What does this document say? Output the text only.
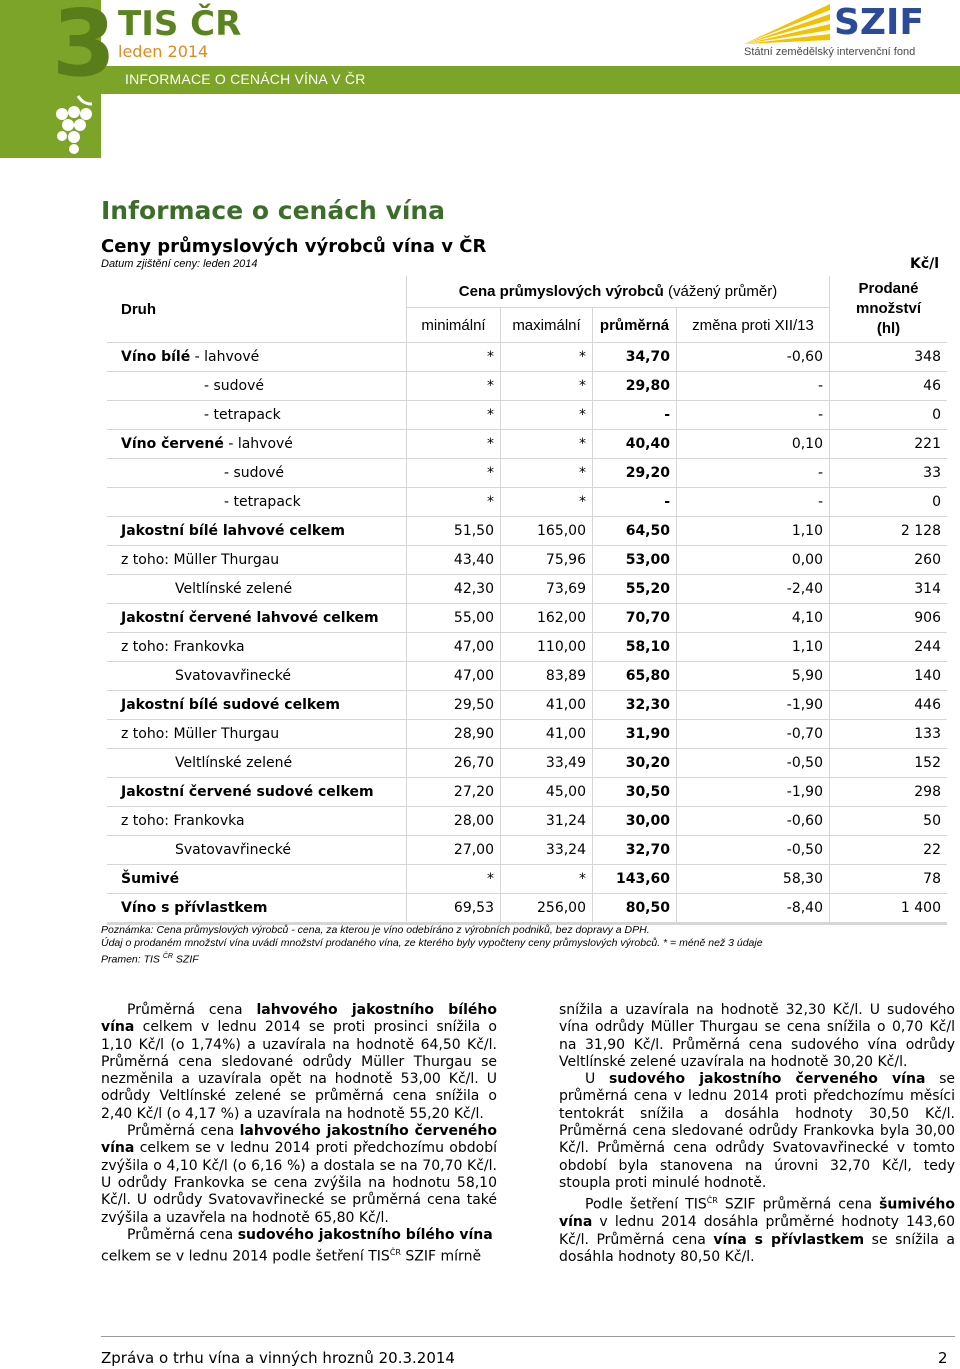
3 TIS ČR
leden 2014
INFORMACE O CENÁCH VÍNA V ČR
SZIF
Státní zemědělský intervenční fond
Informace o cenách vína
Ceny průmyslových výrobců vína v ČR
Datum zjištění ceny: leden 2014	Kč/l
Druh
Cena průmyslových výrobců
(vážený průměr)
minimální	maximální	průměrná	změna proti XII/13
Prodané
množství
(hl)
Víno bílé - lahvové	*	*	34,70	-0,60	348
- sudové	*	*	29,80	-	46
- tetrapack	*	*	-	-	0
Víno červené - lahvové	*	*	40,40	0,10	221
- sudové	*	*	29,20	-	33
- tetrapack	*	*	-	-	0
Jakostní bílé lahvové celkem	51,50	165,00	64,50	1,10	2 128
z toho: Müller Thurgau	43,40	75,96	53,00	0,00	260
Veltlínské zelené	42,30	73,69	55,20	-2,40	314
Jakostní červené lahvové celkem	55,00	162,00	70,70	4,10	906
z toho: Frankovka	47,00	110,00	58,10	1,10	244
Svatovavřinecké	47,00	83,89	65,80	5,90	140
Jakostní bílé sudové celkem	29,50	41,00	32,30	-1,90	446
z toho: Müller Thurgau	28,90	41,00	31,90	-0,70	133
Veltlínské zelené	26,70	33,49	30,20	-0,50	152
Jakostní červené sudové celkem	27,20	45,00	30,50	-1,90	298
z toho: Frankovka	28,00	31,24	30,00	-0,60	50
Svatovavřinecké	27,00	33,24	32,70	-0,50	22
Šumivé	*	*	143,60	58,30	78
Víno s přívlastkem	69,53	256,00	80,50	-8,40	1 400
Poznámka: Cena průmyslových výrobců - cena, za kterou je víno odebíráno z výrobních podniků, bez dopravy a DPH.
Údaj o prodaném množství vína uvádí množství prodaného vína, ze kterého byly vypočteny ceny průmyslových výrobců. * = méně než 3 údaje
Pramen: TIS $^{ČR}$ SZIF

Průměrná cena lahvového jakostního bílého vína celkem v lednu 2014 se proti prosinci snížila o 1,10 Kč/l (o 1,74%) a uzavírala na hodnotě 64,50 Kč/l. Průměrná cena sledované odrůdy Müller Thurgau se nezměnila a uzavírala opět na hodnotě 53,00 Kč/l. U odrůdy Veltlínské zelené se průměrná cena snížila o 2,40 Kč/l (o 4,17 %) a uzavírala na hodnotě 55,20 Kč/l.

Průměrná cena lahvového jakostního červeného vína celkem se v lednu 2014 proti předchozímu období zvýšila o 4,10 Kč/l (o 6,16 %) a dostala se na 70,70 Kč/l. U odrůdy Frankovka se cena zvýšila na hodnotu 58,10 Kč/l. U odrůdy Svatovavřinecké se průměrná cena také zvýšila a uzavřela na hodnotě 65,80 Kč/l.

Průměrná cena sudového jakostního bílého vína celkem se v lednu 2014 podle šetření $TIS^{ČR}$ SZIF mírně

snížila a uzavírala na hodnotě 32,30 Kč/l. U sudového vína odrůdy Müller Thurgau se cena snížila o 0,70 Kč/l na 31,90 Kč/l. Průměrná cena sudového vína odrůdy Veltlínské zelené uzavírala na hodnotě 30,20 Kč/l.

U sudového jakostního červeného vína se průměrná cena v lednu 2014 proti předchozímu měsíci tentokrát snížila a dosáhla hodnoty 30,50 Kč/l. Průměrná cena sledované odrůdy Frankovka byla 30,00 Kč/l. Průměrná cena odrůdy Svatovavřinecké v tomto období byla stanovena na úrovni 32,70 Kč/l, tedy stoupla proti minulé hodnotě.

Podle šetření $TIS^{ČR}$ SZIF průměrná cena šumivého vína v lednu 2014 dosáhla průměrné hodnoty 143,60 Kč/l. Průměrná cena vína s přívlastkem se snížila a dosáhla hodnoty 80,50 Kč/l.

Zpráva o trhu vína a vinných hroznů 20.3.2014	2
